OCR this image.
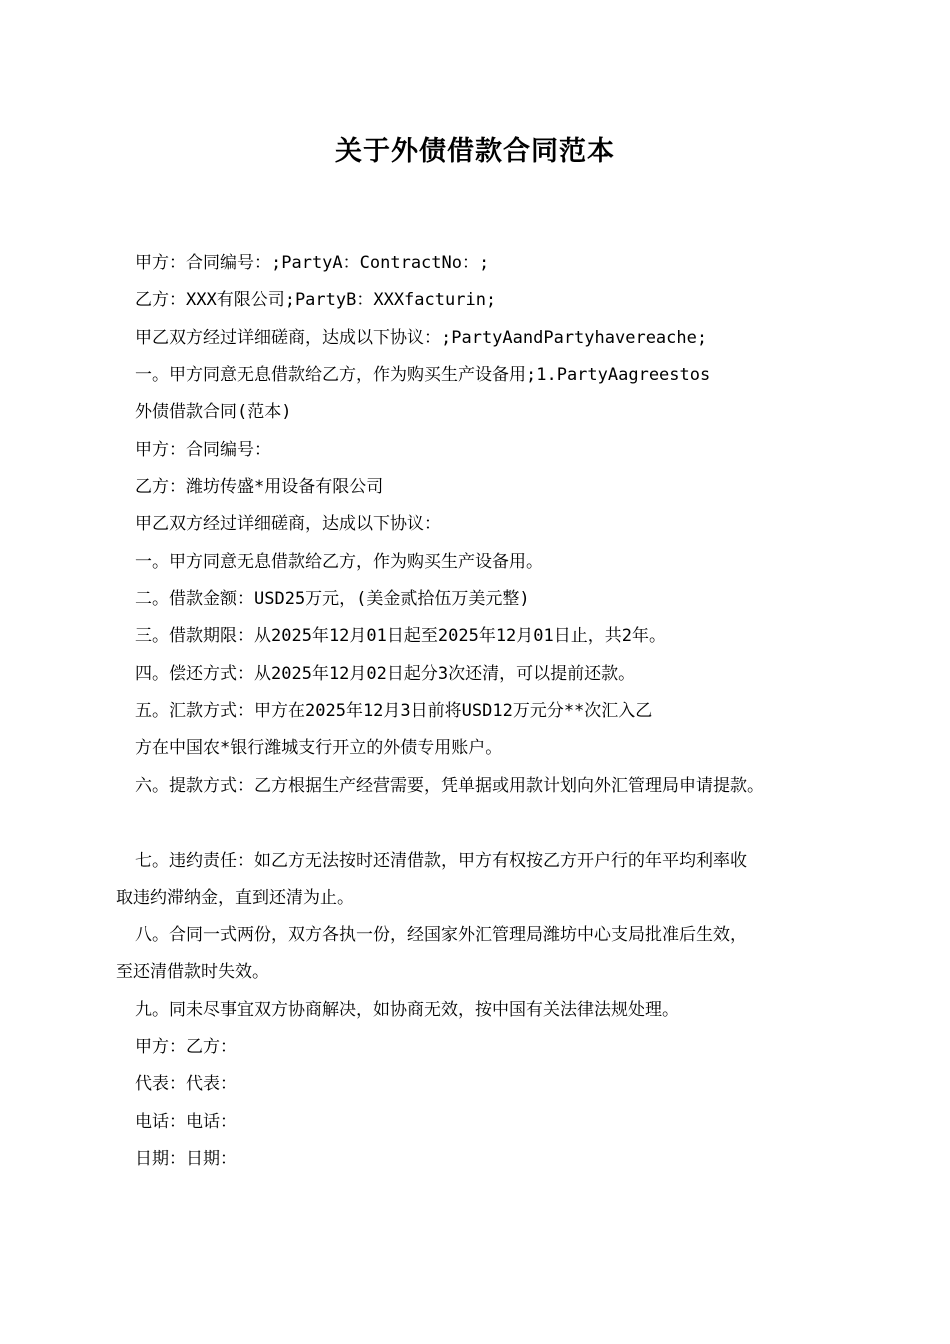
关于外债借款合同范本
甲方：合同编号：;PartyA：ContractNo：;
乙方：XXX有限公司;PartyB：XXXfacturin;
甲乙双方经过详细磋商，达成以下协议：;PartyAandPartyhavereache;
一。甲方同意无息借款给乙方，作为购买生产设备用;1.PartyAagreestos
外债借款合同(范本)
甲方：合同编号：
乙方：潍坊传盛*用设备有限公司
甲乙双方经过详细磋商，达成以下协议：
一。甲方同意无息借款给乙方，作为购买生产设备用。
二。借款金额：USD25万元，(美金贰拾伍万美元整)
三。借款期限：从2025年12月01日起至2025年12月01日止，共2年。
四。偿还方式：从2025年12月02日起分3次还清，可以提前还款。
五。汇款方式：甲方在2025年12月3日前将USD12万元分**次汇入乙
方在中国农*银行潍城支行开立的外债专用账户。
六。提款方式：乙方根据生产经营需要，凭单据或用款计划向外汇管理局申请提款。
七。违约责任：如乙方无法按时还清借款，甲方有权按乙方开户行的年平均利率收
取违约滞纳金，直到还清为止。
八。合同一式两份，双方各执一份，经国家外汇管理局潍坊中心支局批准后生效，
至还清借款时失效。
九。同未尽事宜双方协商解决，如协商无效，按中国有关法律法规处理。
甲方：乙方：
代表：代表：
电话：电话：
日期：日期：
